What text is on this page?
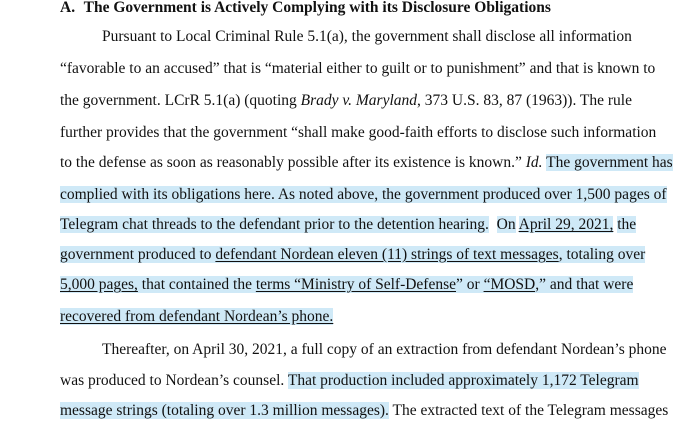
A. The Government is Actively Complying with its Disclosure Obligations
Pursuant to Local Criminal Rule 5.1(a), the government shall disclose all information
“favorable to an accused” that is “material either to guilt or to punishment” and that is known to
the government. LCrR 5.1(a) (quoting Brady v. Maryland, 373 U.S. 83, 87 (1963)). The rule
further provides that the government “shall make good-faith efforts to disclose such information
to the defense as soon as reasonably possible after its existence is known.” Id. The government has
complied with its obligations here. As noted above, the government produced over 1,500 pages of
Telegram chat threads to the defendant prior to the detention hearing. On April 29, 2021, the
government produced to defendant Nordean eleven (11) strings of text messages, totaling over
5,000 pages, that contained the terms “Ministry of Self-Defense” or “MOSD,” and that were
recovered from defendant Nordean’s phone.
Thereafter, on April 30, 2021, a full copy of an extraction from defendant Nordean’s phone
was produced to Nordean’s counsel. That production included approximately 1,172 Telegram
message strings (totaling over 1.3 million messages). The extracted text of the Telegram messages
